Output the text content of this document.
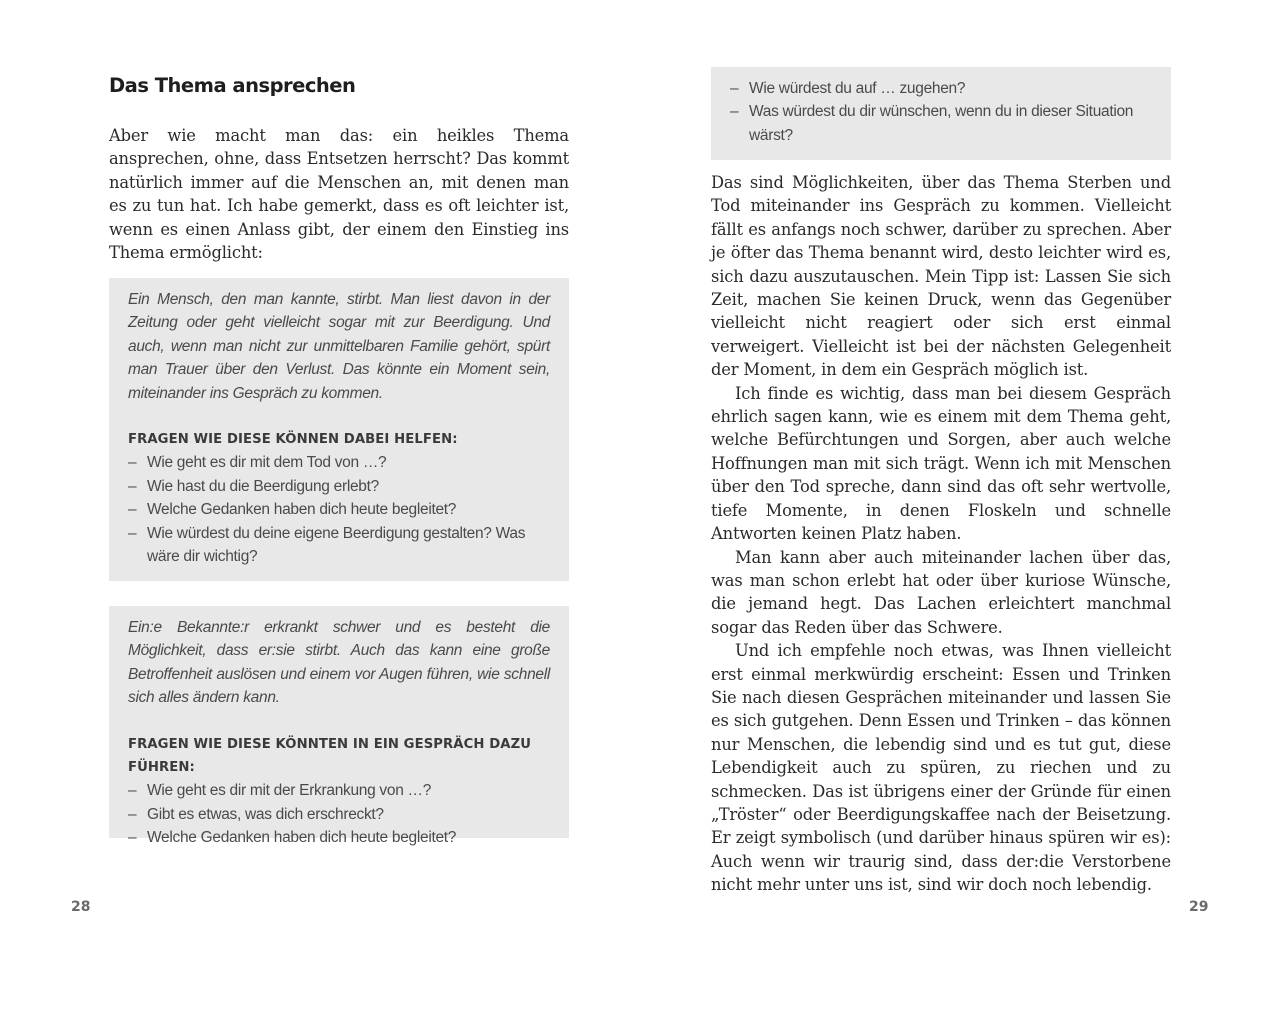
Das Thema ansprechen

Aber wie macht man das: ein heikles Thema ansprechen, ohne, dass Entsetzen herrscht? Das kommt natürlich immer auf die Menschen an, mit denen man es zu tun hat. Ich habe gemerkt, dass es oft leichter ist, wenn es einen Anlass gibt, der einem den Einstieg ins Thema ermöglicht:

Ein Mensch, den man kannte, stirbt. Man liest davon in der Zeitung oder geht vielleicht sogar mit zur Beerdigung. Und auch, wenn man nicht zur unmittelbaren Familie gehört, spürt man Trauer über den Verlust. Das könnte ein Moment sein, miteinander ins Gespräch zu kommen.

FRAGEN WIE DIESE KÖNNEN DABEI HELFEN:
– Wie geht es dir mit dem Tod von …?
– Wie hast du die Beerdigung erlebt?
– Welche Gedanken haben dich heute begleitet?
– Wie würdest du deine eigene Beerdigung gestalten? Was wäre dir wichtig?

Ein:e Bekannte:r erkrankt schwer und es besteht die Möglichkeit, dass er:sie stirbt. Auch das kann eine große Betroffenheit auslösen und einem vor Augen führen, wie schnell sich alles ändern kann.

FRAGEN WIE DIESE KÖNNTEN IN EIN GESPRÄCH DAZU FÜHREN:
– Wie geht es dir mit der Erkrankung von …?
– Gibt es etwas, was dich erschreckt?
– Welche Gedanken haben dich heute begleitet?
28
– Wie würdest du auf … zugehen?
– Was würdest du dir wünschen, wenn du in dieser Situation wärst?

Das sind Möglichkeiten, über das Thema Sterben und Tod miteinander ins Gespräch zu kommen. Vielleicht fällt es anfangs noch schwer, darüber zu sprechen. Aber je öfter das Thema benannt wird, desto leichter wird es, sich dazu auszutauschen. Mein Tipp ist: Lassen Sie sich Zeit, machen Sie keinen Druck, wenn das Gegenüber vielleicht nicht reagiert oder sich erst einmal verweigert. Vielleicht ist bei der nächsten Gelegenheit der Moment, in dem ein Gespräch möglich ist.

Ich finde es wichtig, dass man bei diesem Gespräch ehrlich sagen kann, wie es einem mit dem Thema geht, welche Befürchtungen und Sorgen, aber auch welche Hoffnungen man mit sich trägt. Wenn ich mit Menschen über den Tod spreche, dann sind das oft sehr wertvolle, tiefe Momente, in denen Floskeln und schnelle Antworten keinen Platz haben.

Man kann aber auch miteinander lachen über das, was man schon erlebt hat oder über kuriose Wünsche, die jemand hegt. Das Lachen erleichtert manchmal sogar das Reden über das Schwere.

Und ich empfehle noch etwas, was Ihnen vielleicht erst einmal merkwürdig erscheint: Essen und Trinken Sie nach diesen Gesprächen miteinander und lassen Sie es sich gutgehen. Denn Essen und Trinken – das können nur Menschen, die lebendig sind und es tut gut, diese Lebendigkeit auch zu spüren, zu riechen und zu schmecken. Das ist übrigens einer der Gründe für einen „Tröster“ oder Beerdigungskaffee nach der Beisetzung. Er zeigt symbolisch (und darüber hinaus spüren wir es): Auch wenn wir traurig sind, dass der:die Verstorbene nicht mehr unter uns ist, sind wir doch noch lebendig.

29
